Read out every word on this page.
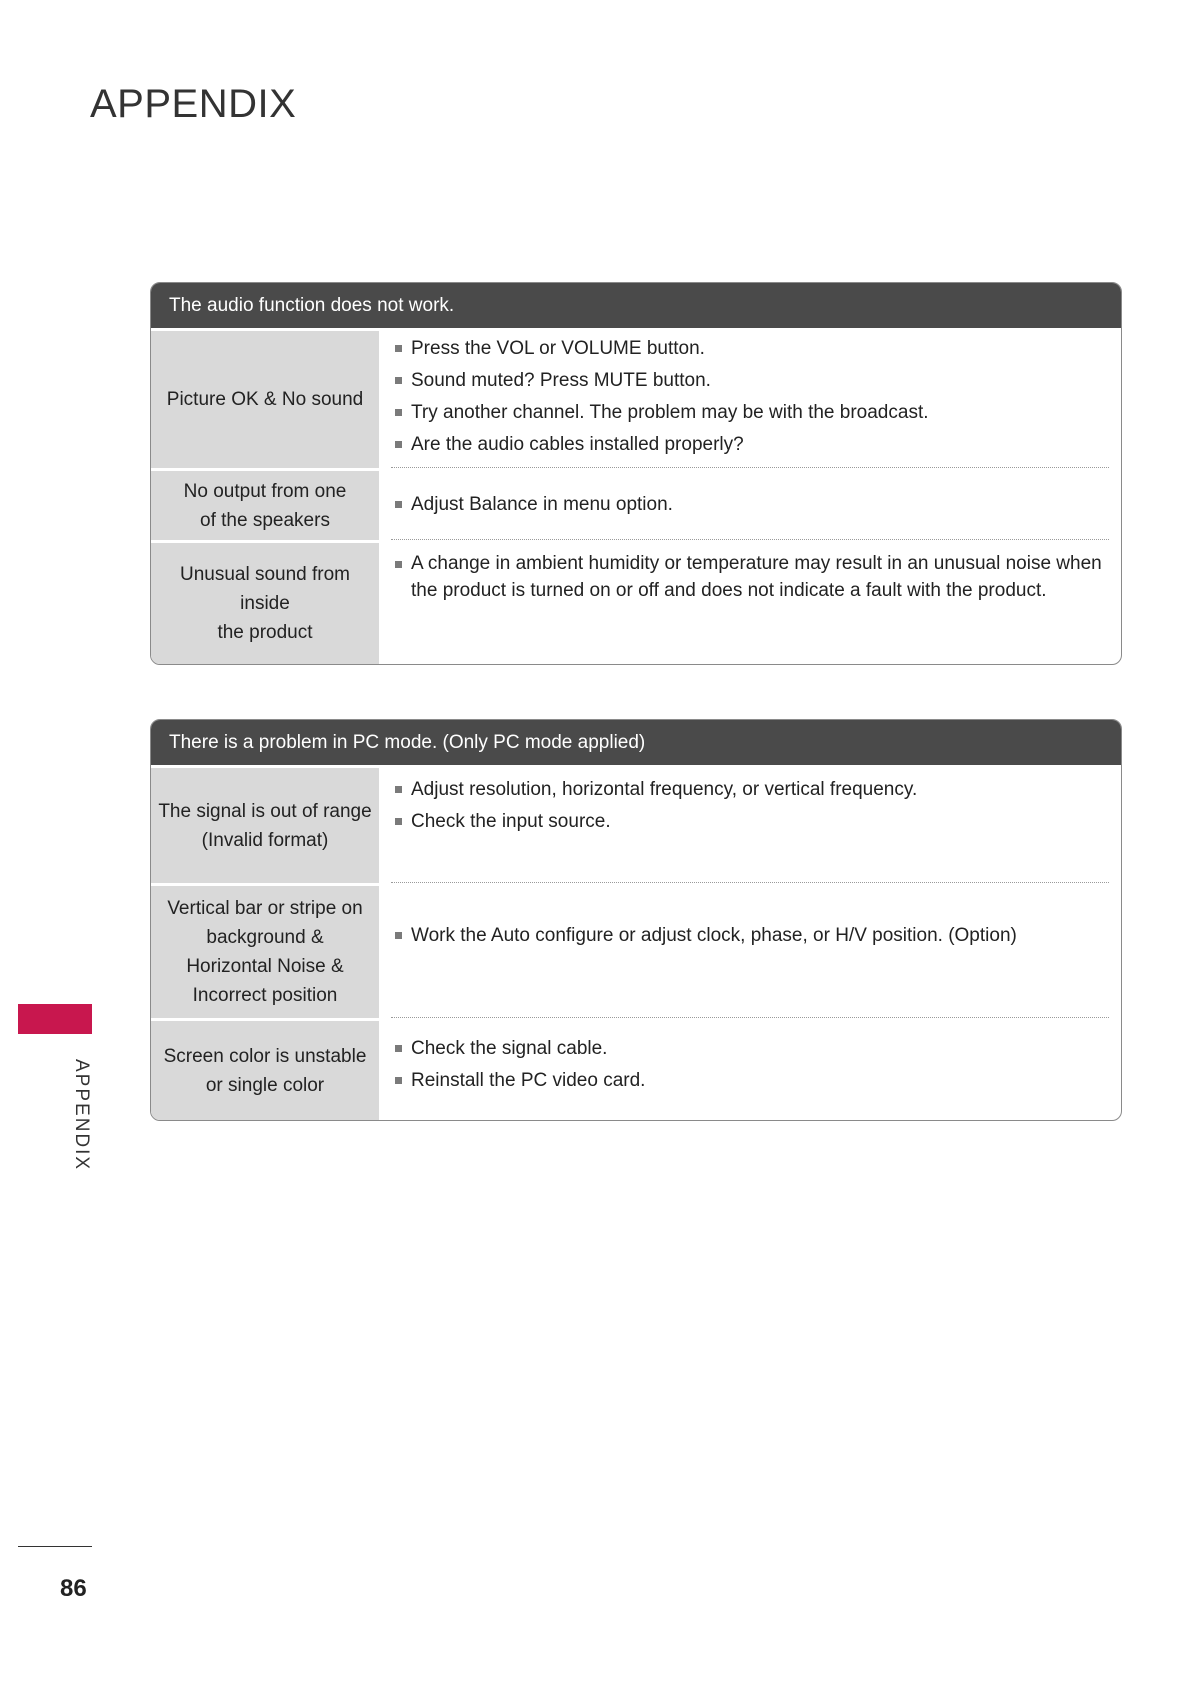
APPENDIX
The audio function does not work.
Picture OK & No sound
Press the VOL or VOLUME button.
Sound muted? Press MUTE button.
Try another channel. The problem may be with the broadcast.
Are the audio cables installed properly?
No output from one
of the speakers
Adjust Balance in menu option.
Unusual sound from
inside
the product
A change in ambient humidity or temperature may result in an unusual noise when the product is turned on or off and does not indicate a fault with the product.
There is a problem in PC mode. (Only PC mode applied)
The signal is out of range
(Invalid format)
Adjust resolution, horizontal frequency, or vertical frequency.
Check the input source.
Vertical bar or stripe on
background &
Horizontal Noise &
Incorrect position
Work the Auto configure or adjust clock, phase, or H/V position. (Option)
Screen color is unstable
or single color
Check the signal cable.
Reinstall the PC video card.
APPENDIX
86
